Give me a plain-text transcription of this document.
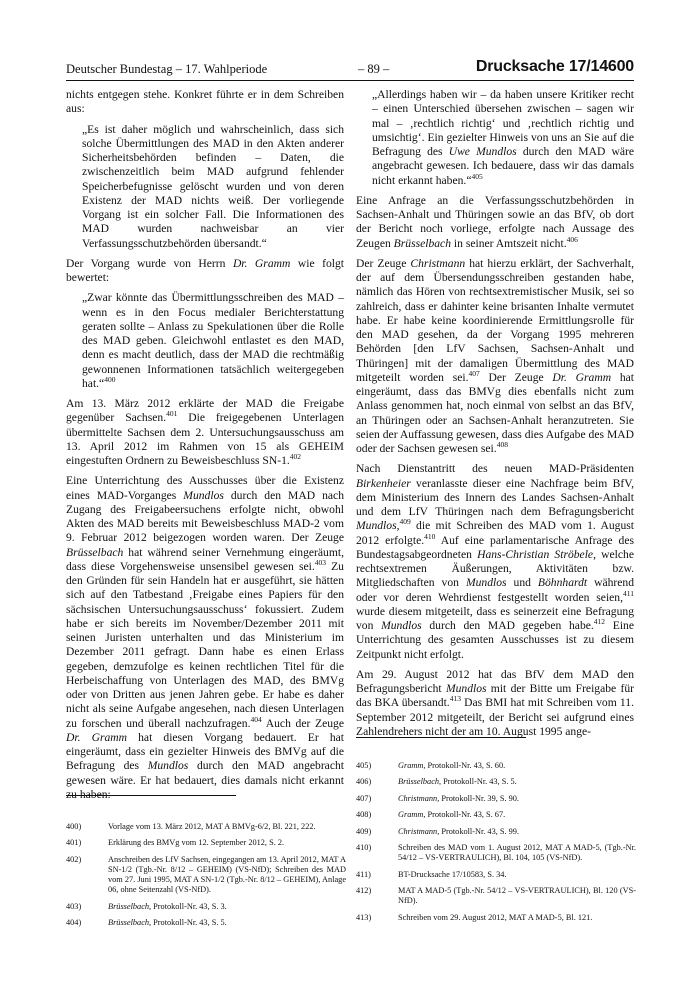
Deutscher Bundestag – 17. Wahlperiode	– 89 –	Drucksache 17/14600

nichts entgegen stehe. Konkret führte er in dem Schreiben aus:

„Es ist daher möglich und wahrscheinlich, dass sich solche Übermittlungen des MAD in den Akten anderer Sicherheitsbehörden befinden – Daten, die zwischenzeitlich beim MAD aufgrund fehlender Speicherbefugnisse gelöscht wurden und von deren Existenz der MAD nichts weiß. Der vorliegende Vorgang ist ein solcher Fall. Die Informationen des MAD wurden nachweisbar an vier Verfassungsschutzbehörden übersandt.“

Der Vorgang wurde von Herrn Dr. Gramm wie folgt bewertet:

„Zwar könnte das Übermittlungsschreiben des MAD – wenn es in den Focus medialer Berichterstattung geraten sollte – Anlass zu Spekulationen über die Rolle des MAD geben. Gleichwohl entlastet es den MAD, denn es macht deutlich, dass der MAD die rechtmäßig gewonnenen Informationen tatsächlich weitergegeben hat.“$^{400}$

Am 13. März 2012 erklärte der MAD die Freigabe gegenüber Sachsen.$^{401}$ Die freigegebenen Unterlagen übermittelte Sachsen dem 2. Untersuchungsausschuss am 13. April 2012 im Rahmen von 15 als GEHEIM eingestuften Ordnern zu Beweisbeschluss SN-1.$^{402}$

Eine Unterrichtung des Ausschusses über die Existenz eines MAD-Vorganges Mundlos durch den MAD nach Zugang des Freigabeersuchens erfolgte nicht, obwohl Akten des MAD bereits mit Beweisbeschluss MAD-2 vom 9. Februar 2012 beigezogen worden waren. Der Zeuge Brüsselbach hat während seiner Vernehmung eingeräumt, dass diese Vorgehensweise unsensibel gewesen sei.$^{403}$ Zu den Gründen für sein Handeln hat er ausgeführt, sie hätten sich auf den Tatbestand ‚Freigabe eines Papiers für den sächsischen Untersuchungsausschuss‘ fokussiert. Zudem habe er sich bereits im November/Dezember 2011 mit seinen Juristen unterhalten und das Ministerium im Dezember 2011 gefragt. Dann habe es einen Erlass gegeben, demzufolge es keinen rechtlichen Titel für die Herbeischaffung von Unterlagen des MAD, des BMVg oder von Dritten aus jenen Jahren gebe. Er habe es daher nicht als seine Aufgabe angesehen, nach diesen Unterlagen zu forschen und überall nachzufragen.$^{404}$ Auch der Zeuge Dr. Gramm hat diesen Vorgang bedauert. Er hat eingeräumt, dass ein gezielter Hinweis des BMVg auf die Befragung des Mundlos durch den MAD angebracht gewesen wäre. Er hat bedauert, dies damals nicht erkannt zu haben:

„Allerdings haben wir – da haben unsere Kritiker recht – einen Unterschied übersehen zwischen – sagen wir mal – ‚rechtlich richtig‘ und ‚rechtlich richtig und umsichtig‘. Ein gezielter Hinweis von uns an Sie auf die Befragung des Uwe Mundlos durch den MAD wäre angebracht gewesen. Ich bedauere, dass wir das damals nicht erkannt haben.“$^{405}$

Eine Anfrage an die Verfassungsschutzbehörden in Sachsen-Anhalt und Thüringen sowie an das BfV, ob dort der Bericht noch vorliege, erfolgte nach Aussage des Zeugen Brüsselbach in seiner Amtszeit nicht.$^{406}$

Der Zeuge Christmann hat hierzu erklärt, der Sachverhalt, der auf dem Übersendungsschreiben gestanden habe, nämlich das Hören von rechtsextremistischer Musik, sei so zahlreich, dass er dahinter keine brisanten Inhalte vermutet habe. Er habe keine koordinierende Ermittlungsrolle für den MAD gesehen, da der Vorgang 1995 mehreren Behörden [den LfV Sachsen, Sachsen-Anhalt und Thüringen] mit der damaligen Übermittlung des MAD mitgeteilt worden sei.$^{407}$ Der Zeuge Dr. Gramm hat eingeräumt, dass das BMVg dies ebenfalls nicht zum Anlass genommen hat, noch einmal von selbst an das BfV, an Thüringen oder an Sachsen-Anhalt heranzutreten. Sie seien der Auffassung gewesen, dass dies Aufgabe des MAD oder der Sachsen gewesen sei.$^{408}$

Nach Dienstantritt des neuen MAD-Präsidenten Birkenheier veranlasste dieser eine Nachfrage beim BfV, dem Ministerium des Innern des Landes Sachsen-Anhalt und dem LfV Thüringen nach dem Befragungsbericht Mundlos,$^{409}$ die mit Schreiben des MAD vom 1. August 2012 erfolgte.$^{410}$ Auf eine parlamentarische Anfrage des Bundestagsabgeordneten Hans-Christian Ströbele, welche rechtsextremen Äußerungen, Aktivitäten bzw. Mitgliedschaften von Mundlos und Böhnhardt während oder vor deren Wehrdienst festgestellt worden seien,$^{411}$ wurde diesem mitgeteilt, dass es seinerzeit eine Befragung von Mundlos durch den MAD gegeben habe.$^{412}$ Eine Unterrichtung des gesamten Ausschusses ist zu diesem Zeitpunkt nicht erfolgt.

Am 29. August 2012 hat das BfV dem MAD den Befragungsbericht Mundlos mit der Bitte um Freigabe für das BKA übersandt.$^{413}$ Das BMI hat mit Schreiben vom 11. September 2012 mitgeteilt, der Bericht sei aufgrund eines Zahlendrehers nicht der am 10. August 1995 ange-

400)	Vorlage vom 13. März 2012, MAT A BMVg-6/2, Bl. 221, 222.
401)	Erklärung des BMVg vom 12. September 2012, S. 2.
402)	Anschreiben des LfV Sachsen, eingegangen am 13. April 2012, MAT A SN-1/2 (Tgb.-Nr. 8/12 – GEHEIM) (VS-NfD); Schreiben des MAD vom 27. Juni 1995, MAT A SN-1/2 (Tgb.-Nr. 8/12 – GEHEIM), Anlage 06, ohne Seitenzahl (VS-NfD).
403)	Brüsselbach, Protokoll-Nr. 43, S. 3.
404)	Brüsselbach, Protokoll-Nr. 43, S. 5.
405)	Gramm, Protokoll-Nr. 43, S. 60.
406)	Brüsselbach, Protokoll-Nr. 43, S. 5.
407)	Christmann, Protokoll-Nr. 39, S. 90.
408)	Gramm, Protokoll-Nr. 43, S. 67.
409)	Christmann, Protokoll-Nr. 43, S. 99.
410)	Schreiben des MAD vom 1. August 2012, MAT A MAD-5, (Tgb.-Nr. 54/12 – VS-VERTRAULICH), Bl. 104, 105 (VS-NfD).
411)	BT-Drucksache 17/10583, S. 34.
412)	MAT A MAD-5 (Tgb.-Nr. 54/12 – VS-VERTRAULICH), Bl. 120 (VS-NfD).
413)	Schreiben vom 29. August 2012, MAT A MAD-5, Bl. 121.
